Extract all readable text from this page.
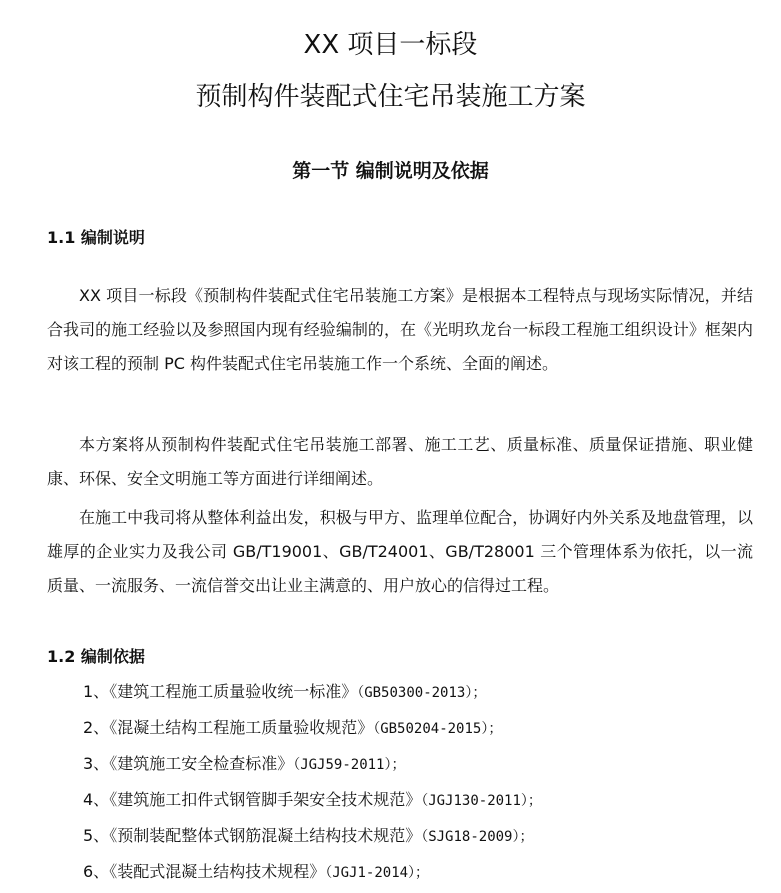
XX 项目一标段
预制构件装配式住宅吊装施工方案
第一节 编制说明及依据
1.1 编制说明

XX 项目一标段《预制构件装配式住宅吊装施工方案》是根据本工程特点与现场实际情况，并结合我司的施工经验以及参照国内现有经验编制的，在《光明玖龙台一标段工程施工组织设计》框架内对该工程的预制 PC 构件装配式住宅吊装施工作一个系统、全面的阐述。

本方案将从预制构件装配式住宅吊装施工部署、施工工艺、质量标准、质量保证措施、职业健康、环保、安全文明施工等方面进行详细阐述。

在施工中我司将从整体利益出发，积极与甲方、监理单位配合，协调好内外关系及地盘管理，以雄厚的企业实力及我公司 GB/T19001、GB/T24001、GB/T28001 三个管理体系为依托，以一流质量、一流服务、一流信誉交出让业主满意的、用户放心的信得过工程。

1.2 编制依据
1、《建筑工程施工质量验收统一标准》（GB50300-2013）；
2、《混凝土结构工程施工质量验收规范》（GB50204-2015）；
3、《建筑施工安全检查标准》（JGJ59-2011）；
4、《建筑施工扣件式钢管脚手架安全技术规范》（JGJ130-2011）；
5、《预制装配整体式钢筋混凝土结构技术规范》（SJG18-2009）；
6、《装配式混凝土结构技术规程》（JGJ1-2014）；
